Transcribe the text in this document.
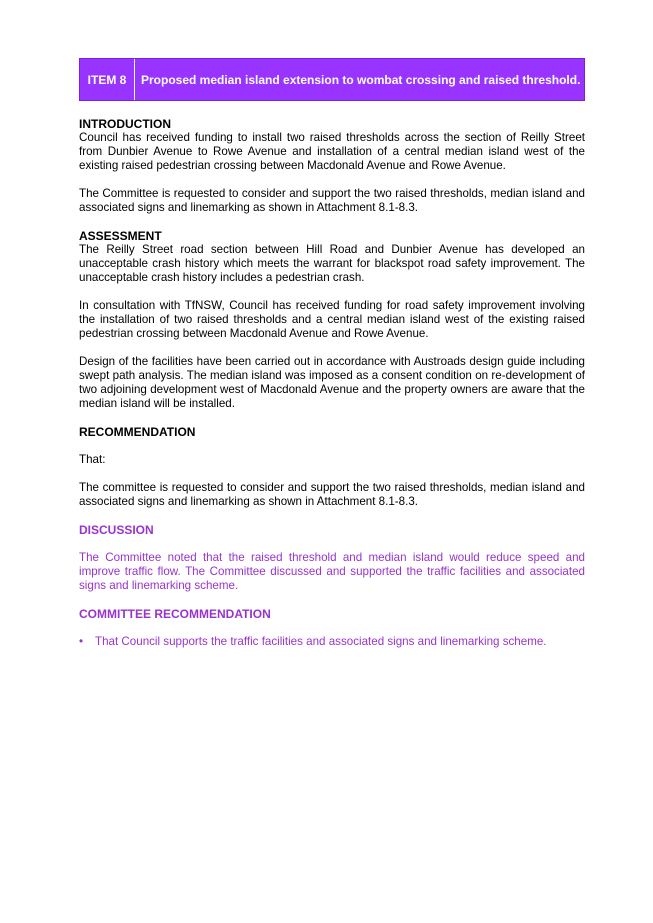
ITEM 8	Proposed median island extension to wombat crossing and raised threshold.
INTRODUCTION

Council has received funding to install two raised thresholds across the section of Reilly Street from Dunbier Avenue to Rowe Avenue and installation of a central median island west of the existing raised pedestrian crossing between Macdonald Avenue and Rowe Avenue.

The Committee is requested to consider and support the two raised thresholds, median island and associated signs and linemarking as shown in Attachment 8.1-8.3.

ASSESSMENT

The Reilly Street road section between Hill Road and Dunbier Avenue has developed an unacceptable crash history which meets the warrant for blackspot road safety improvement. The unacceptable crash history includes a pedestrian crash.

In consultation with TfNSW, Council has received funding for road safety improvement involving the installation of two raised thresholds and a central median island west of the existing raised pedestrian crossing between Macdonald Avenue and Rowe Avenue.

Design of the facilities have been carried out in accordance with Austroads design guide including swept path analysis. The median island was imposed as a consent condition on re-development of two adjoining development west of Macdonald Avenue and the property owners are aware that the median island will be installed.

RECOMMENDATION

That:

The committee is requested to consider and support the two raised thresholds, median island and associated signs and linemarking as shown in Attachment 8.1-8.3.

DISCUSSION

The Committee noted that the raised threshold and median island would reduce speed and improve traffic flow. The Committee discussed and supported the traffic facilities and associated signs and linemarking scheme.

COMMITTEE RECOMMENDATION
• That Council supports the traffic facilities and associated signs and linemarking scheme.
